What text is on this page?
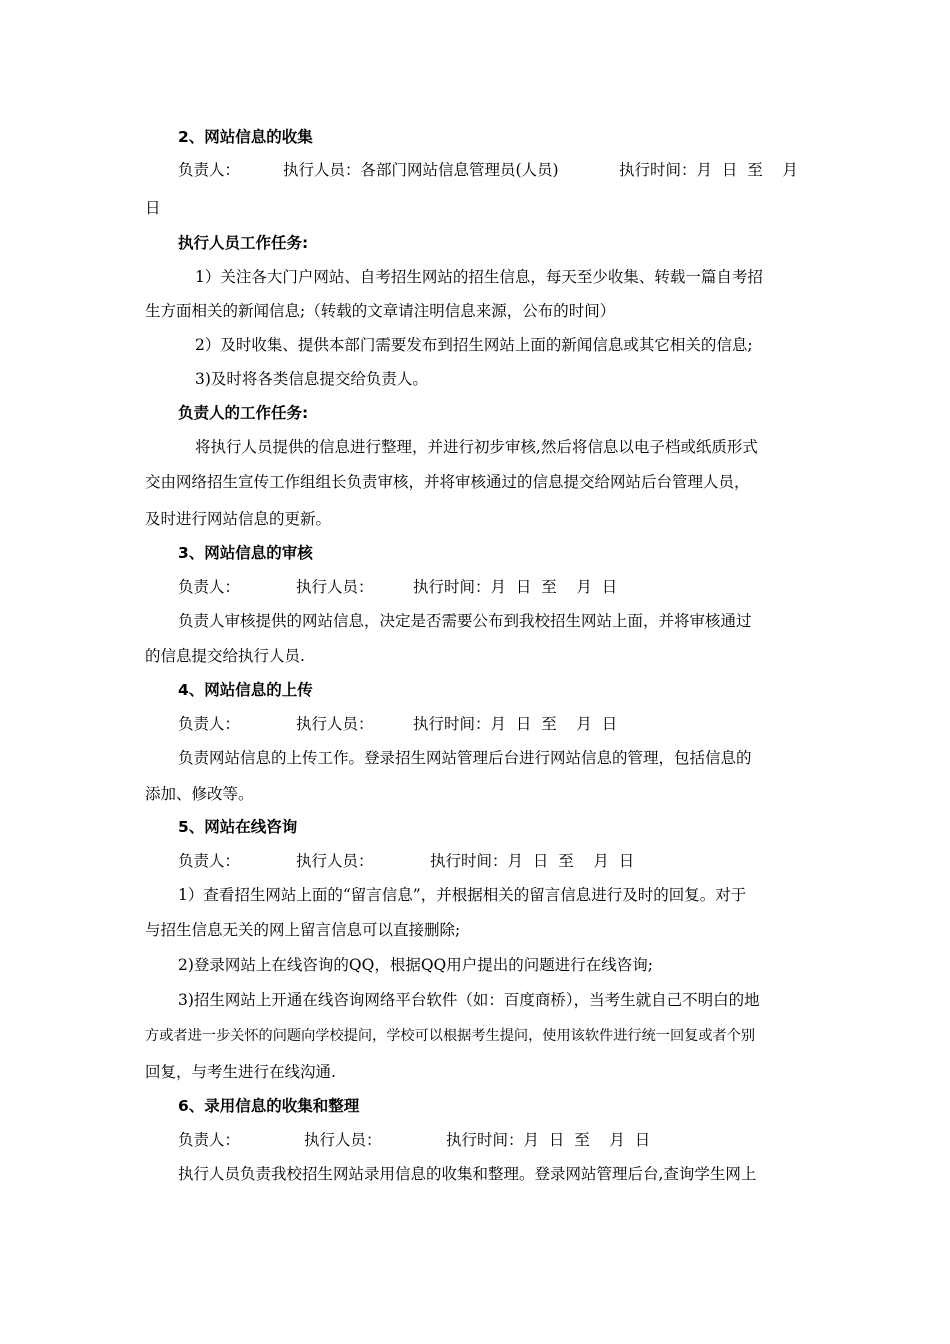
2、网站信息的收集
负责人：	执行人员：各部门网站信息管理员(人员)	执行时间：月  日  至    月
日
执行人员工作任务:
1）关注各大门户网站、自考招生网站的招生信息，每天至少收集、转载一篇自考招
生方面相关的新闻信息;（转载的文章请注明信息来源，公布的时间）
2）及时收集、提供本部门需要发布到招生网站上面的新闻信息或其它相关的信息;
3)及时将各类信息提交给负责人。
负责人的工作任务:
将执行人员提供的信息进行整理，并进行初步审核,然后将信息以电子档或纸质形式
交由网络招生宣传工作组组长负责审核，并将审核通过的信息提交给网站后台管理人员，
及时进行网站信息的更新。
3、网站信息的审核
负责人：	执行人员：	执行时间：月  日  至    月  日
负责人审核提供的网站信息，决定是否需要公布到我校招生网站上面，并将审核通过
的信息提交给执行人员.
4、网站信息的上传
负责人：	执行人员：	执行时间：月  日  至    月  日
负责网站信息的上传工作。登录招生网站管理后台进行网站信息的管理，包括信息的
添加、修改等。
5、网站在线咨询
负责人：	执行人员：	执行时间：月  日  至    月  日
1）查看招生网站上面的“留言信息”，并根据相关的留言信息进行及时的回复。对于
与招生信息无关的网上留言信息可以直接删除;
2)登录网站上在线咨询的QQ，根据QQ用户提出的问题进行在线咨询;
3)招生网站上开通在线咨询网络平台软件（如：百度商桥），当考生就自己不明白的地
方或者进一步关怀的问题向学校提问，学校可以根据考生提问，使用该软件进行统一回复或者个别
回复，与考生进行在线沟通.
6、录用信息的收集和整理
负责人：	执行人员：	执行时间：月  日  至    月  日
执行人员负责我校招生网站录用信息的收集和整理。登录网站管理后台,查询学生网上
